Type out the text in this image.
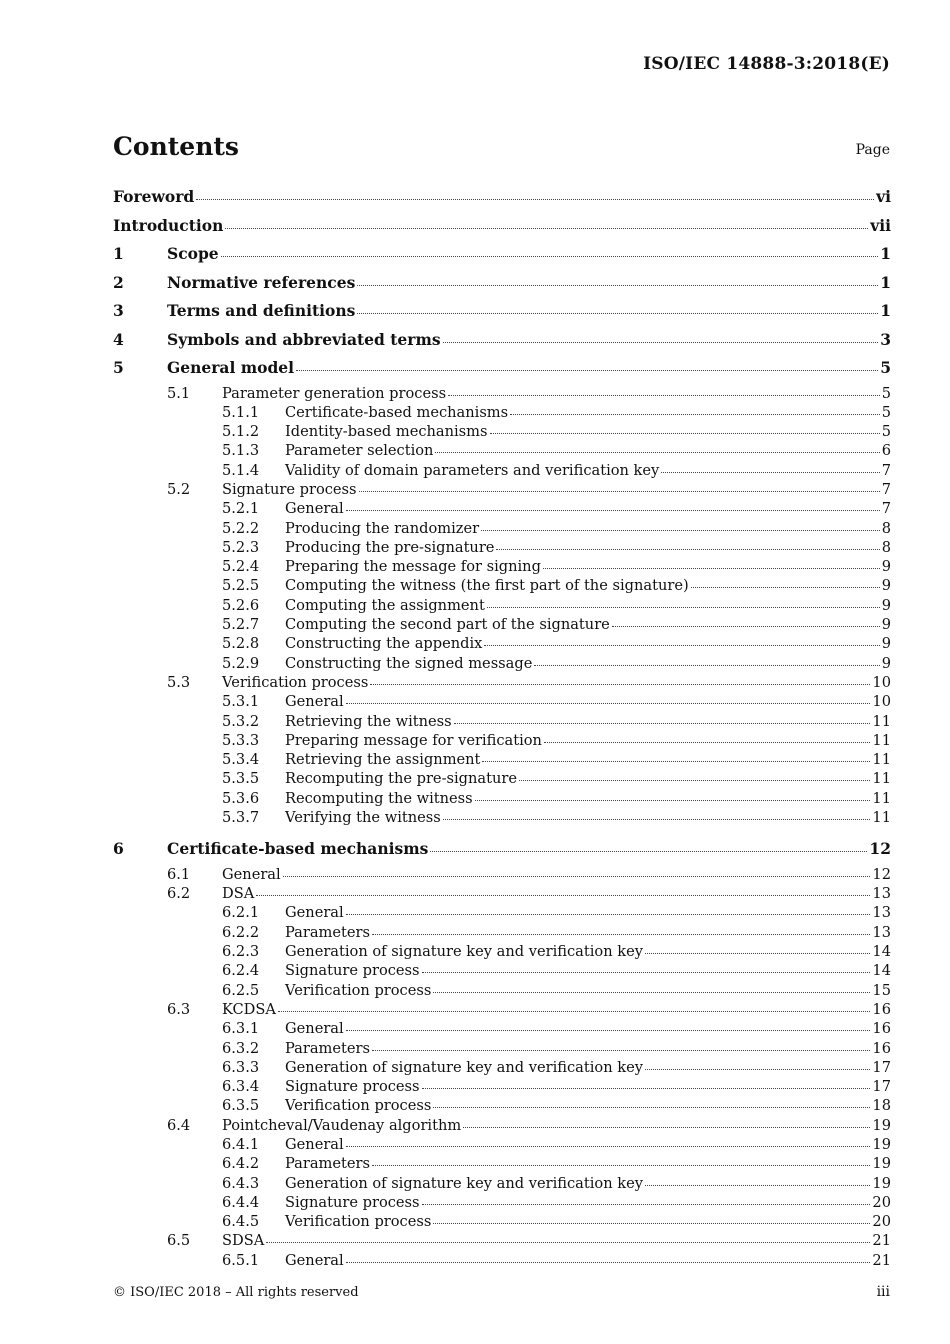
ISO/IEC 14888-3:2018(E)
Contents	Page
Foreword	vi
Introduction	vii
1	Scope	1
2	Normative references	1
3	Terms and definitions	1
4	Symbols and abbreviated terms	3
5	General model	5
5.1	Parameter generation process	5
5.1.1	Certificate-based mechanisms	5
5.1.2	Identity-based mechanisms	5
5.1.3	Parameter selection	6
5.1.4	Validity of domain parameters and verification key	7
5.2	Signature process	7
5.2.1	General	7
5.2.2	Producing the randomizer	8
5.2.3	Producing the pre-signature	8
5.2.4	Preparing the message for signing	9
5.2.5	Computing the witness (the first part of the signature)	9
5.2.6	Computing the assignment	9
5.2.7	Computing the second part of the signature	9
5.2.8	Constructing the appendix	9
5.2.9	Constructing the signed message	9
5.3	Verification process	10
5.3.1	General	10
5.3.2	Retrieving the witness	11
5.3.3	Preparing message for verification	11
5.3.4	Retrieving the assignment	11
5.3.5	Recomputing the pre-signature	11
5.3.6	Recomputing the witness	11
5.3.7	Verifying the witness	11
6	Certificate-based mechanisms	12
6.1	General	12
6.2	DSA	13
6.2.1	General	13
6.2.2	Parameters	13
6.2.3	Generation of signature key and verification key	14
6.2.4	Signature process	14
6.2.5	Verification process	15
6.3	KCDSA	16
6.3.1	General	16
6.3.2	Parameters	16
6.3.3	Generation of signature key and verification key	17
6.3.4	Signature process	17
6.3.5	Verification process	18
6.4	Pointcheval/Vaudenay algorithm	19
6.4.1	General	19
6.4.2	Parameters	19
6.4.3	Generation of signature key and verification key	19
6.4.4	Signature process	20
6.4.5	Verification process	20
6.5	SDSA	21
6.5.1	General	21
© ISO/IEC 2018 – All rights reserved	iii
